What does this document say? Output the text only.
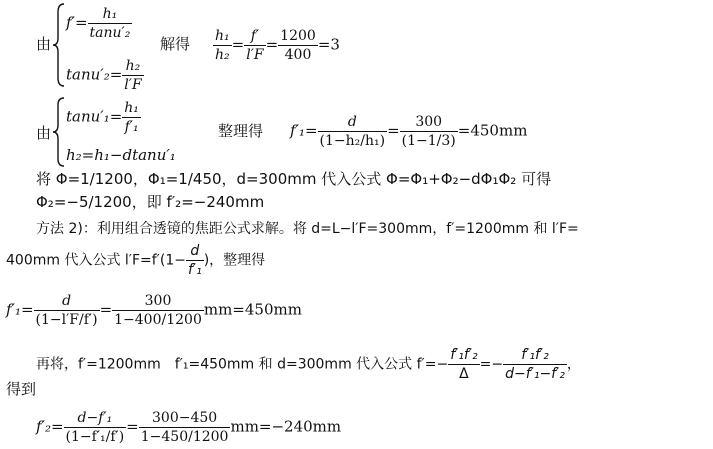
由
$f'= \frac{\text{h₁}}{\text{tanu′₂}}$
$\tan u'_2= \frac{\text{h₂}}{l'F}$
解得 $\frac{\text{h₁}}{\text{h₂}} = \frac{f'}{l'F} = \frac{1200}{400} =3$
由
$\tan u'_1= \frac{\text{h₁}}{\text{f′₁}}$
h₂=h₁−dtanu′₁
整理得 $f'_1= \frac{d}{\text{(1−h₂/h₁)}} = \frac{300}{(1-1/3)} =450mm$
将 Φ=1/1200，Φ₁=1/450，d=300mm 代入公式 Φ=Φ₁+Φ₂−dΦ₁Φ₂ 可得
Φ₂=−5/1200，即 f′₂=−240mm
方法 2)：利用组合透镜的焦距公式求解。将 d=L−l′F=300mm，f′=1200mm 和 l′F=
400mm 代入公式 $l'F=f'(1- \frac{d}{\text{f′₁}}$ )，整理得
$f'_1= \frac{d}{(1-l'F/f')} = \frac{300}{1-400/1200} mm=450mm$
再将，f′=1200mm　f′₁=450mm 和 d=300mm 代入公式 $f'=- \frac{\text{f′₁f′₂}}{\Delta} =- \frac{\text{f′₁f′₂}}{\text{d−f′₁−f′₂}}$ ，
得到
$f'_2= \frac{\text{d−f′₁}}{\text{(1−f′₁/f′)}} = \frac{300-450}{1-450/1200} mm=-240mm$
